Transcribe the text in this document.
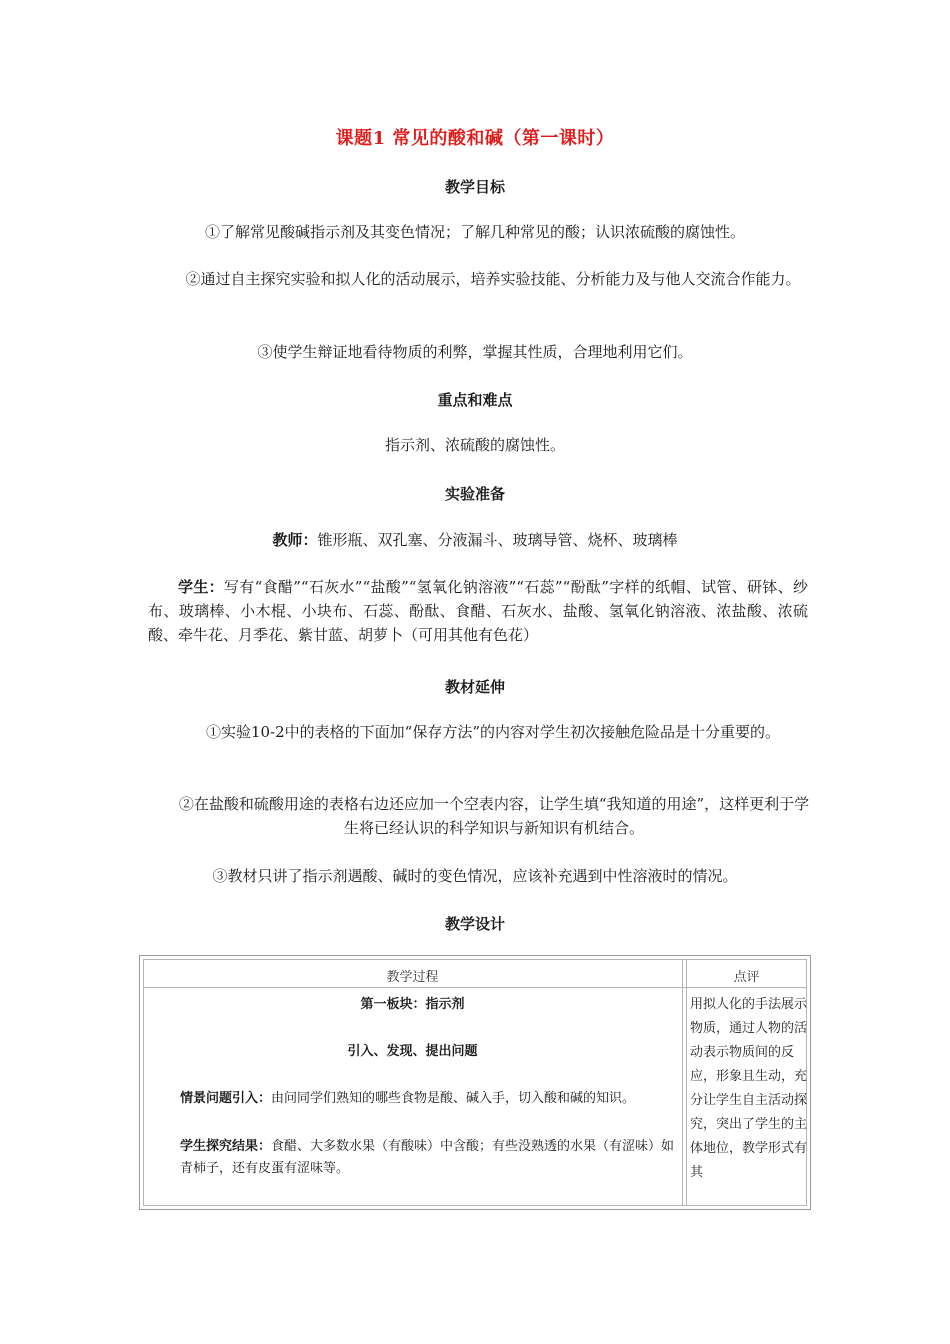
课题1 常见的酸和碱（第一课时）
教学目标
①了解常见酸碱指示剂及其变色情况；了解几种常见的酸；认识浓硫酸的腐蚀性。
②通过自主探究实验和拟人化的活动展示，培养实验技能、分析能力及与他人交流合作能力。
③使学生辩证地看待物质的利弊，掌握其性质，合理地利用它们。
重点和难点
指示剂、浓硫酸的腐蚀性。
实验准备
教师：锥形瓶、双孔塞、分液漏斗、玻璃导管、烧杯、玻璃棒
学生：写有“食醋”“石灰水”“盐酸”“氢氧化钠溶液”“石蕊”“酚酞”字样的纸帽、试管、研钵、纱布、玻璃棒、小木棍、小块布、石蕊、酚酞、食醋、石灰水、盐酸、氢氧化钠溶液、浓盐酸、浓硫酸、牵牛花、月季花、紫甘蓝、胡萝卜（可用其他有色花）
教材延伸
①实验10-2中的表格的下面加“保存方法”的内容对学生初次接触危险品是十分重要的。
②在盐酸和硫酸用途的表格右边还应加一个空表内容，让学生填“我知道的用途”，这样更利于学生将已经认识的科学知识与新知识有机结合。
③教材只讲了指示剂遇酸、碱时的变色情况，应该补充遇到中性溶液时的情况。
教学设计
教学过程	点评
第一板块：指示剂
引入、发现、提出问题
情景问题引入：由问同学们熟知的哪些食物是酸、碱入手，切入酸和碱的知识。
学生探究结果：食醋、大多数水果（有酸味）中含酸；有些没熟透的水果（有涩味）如青柿子，还有皮蛋有涩味等。
用拟人化的手法展示物质，通过人物的活动表示物质间的反应，形象且生动，充分让学生自主活动探究，突出了学生的主体地位，教学形式有其
